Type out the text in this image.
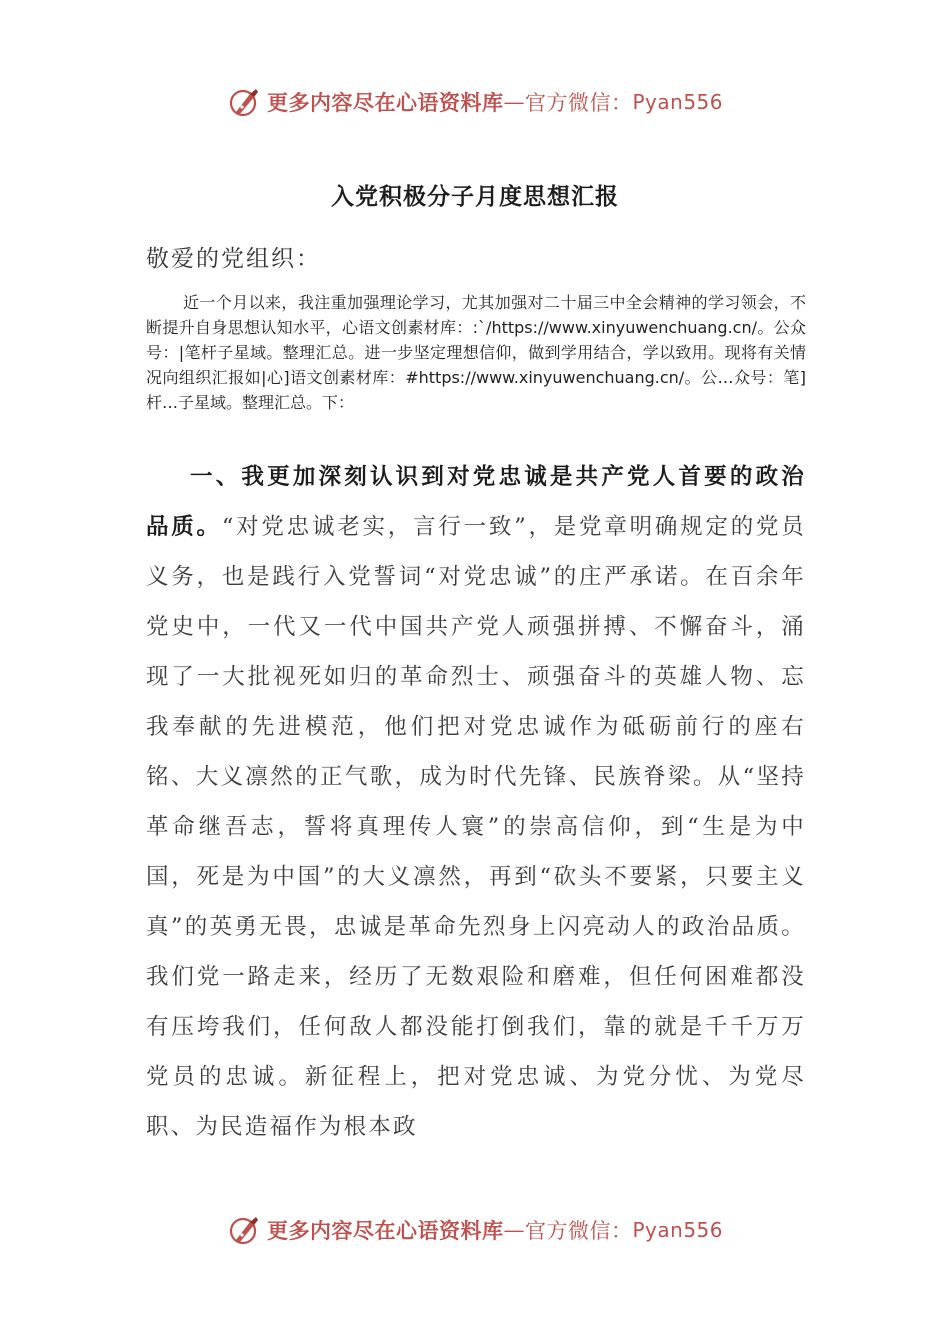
更多内容尽在心语资料库 — 官方微信： Pyan556
入党积极分子月度思想汇报
敬爱的党组织：
近一个月以来，我注重加强理论学习，尤其加强对二十届三中全会精神的学习领会，不断提升自身思想认知水平，心语文创素材库：:`/https://www.xinyuwenchuang.cn/。公众号：|笔杆子星域。整理汇总。进一步坚定理想信仰，做到学用结合，学以致用。现将有关情况向组织汇报如|心]语文创素材库：#https://www.xinyuwenchuang.cn/。公…众号：笔]杆…子星域。整理汇总。下：
一、我更加深刻认识到对党忠诚是共产党人首要的政治品质。“对党忠诚老实，言行一致”，是党章明确规定的党员义务，也是践行入党誓词“对党忠诚”的庄严承诺。在百余年党史中，一代又一代中国共产党人顽强拼搏、不懈奋斗，涌现了一大批视死如归的革命烈士、顽强奋斗的英雄人物、忘我奉献的先进模范，他们把对党忠诚作为砥砺前行的座右铭、大义凛然的正气歌，成为时代先锋、民族脊梁。从“坚持革命继吾志，誓将真理传人寰”的崇高信仰，到“生是为中国，死是为中国”的大义凛然，再到“砍头不要紧，只要主义真”的英勇无畏，忠诚是革命先烈身上闪亮动人的政治品质。我们党一路走来，经历了无数艰险和磨难，但任何困难都没有压垮我们，任何敌人都没能打倒我们，靠的就是千千万万党员的忠诚。新征程上，把对党忠诚、为党分忧、为党尽职、为民造福作为根本政
更多内容尽在心语资料库 — 官方微信： Pyan556
